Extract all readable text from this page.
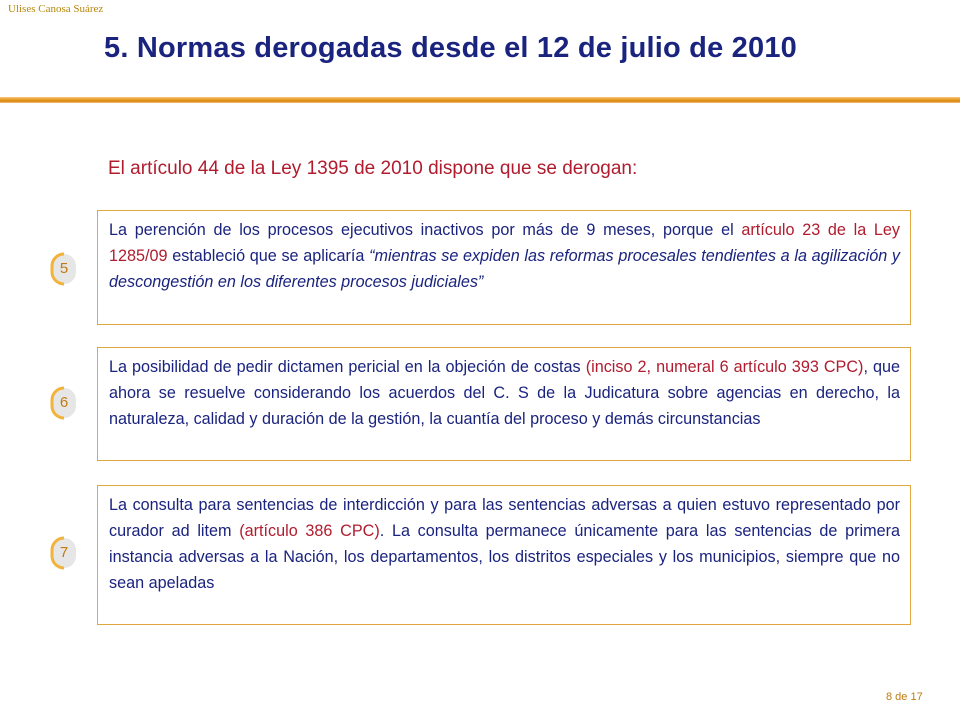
Ulises Canosa Suárez
5. Normas derogadas desde el 12 de julio de 2010
El artículo 44 de la Ley 1395 de 2010 dispone que se derogan:
5
La perención de los procesos ejecutivos inactivos por más de 9 meses, porque el artículo 23 de la Ley 1285/09 estableció que se aplicaría “mientras se expiden las reformas procesales tendientes a la agilización y descongestión en los diferentes procesos judiciales”
6
La posibilidad de pedir dictamen pericial en la objeción de costas (inciso 2, numeral 6 artículo 393 CPC), que ahora se resuelve considerando los acuerdos del C. S de la Judicatura sobre agencias en derecho, la naturaleza, calidad y duración de la gestión, la cuantía del proceso y demás circunstancias
7
La consulta para sentencias de interdicción y para las sentencias adversas a quien estuvo representado por curador ad litem (artículo 386 CPC). La consulta permanece únicamente para las sentencias de primera instancia adversas a la Nación, los departamentos, los distritos especiales y los municipios, siempre que no sean apeladas
8 de 17
